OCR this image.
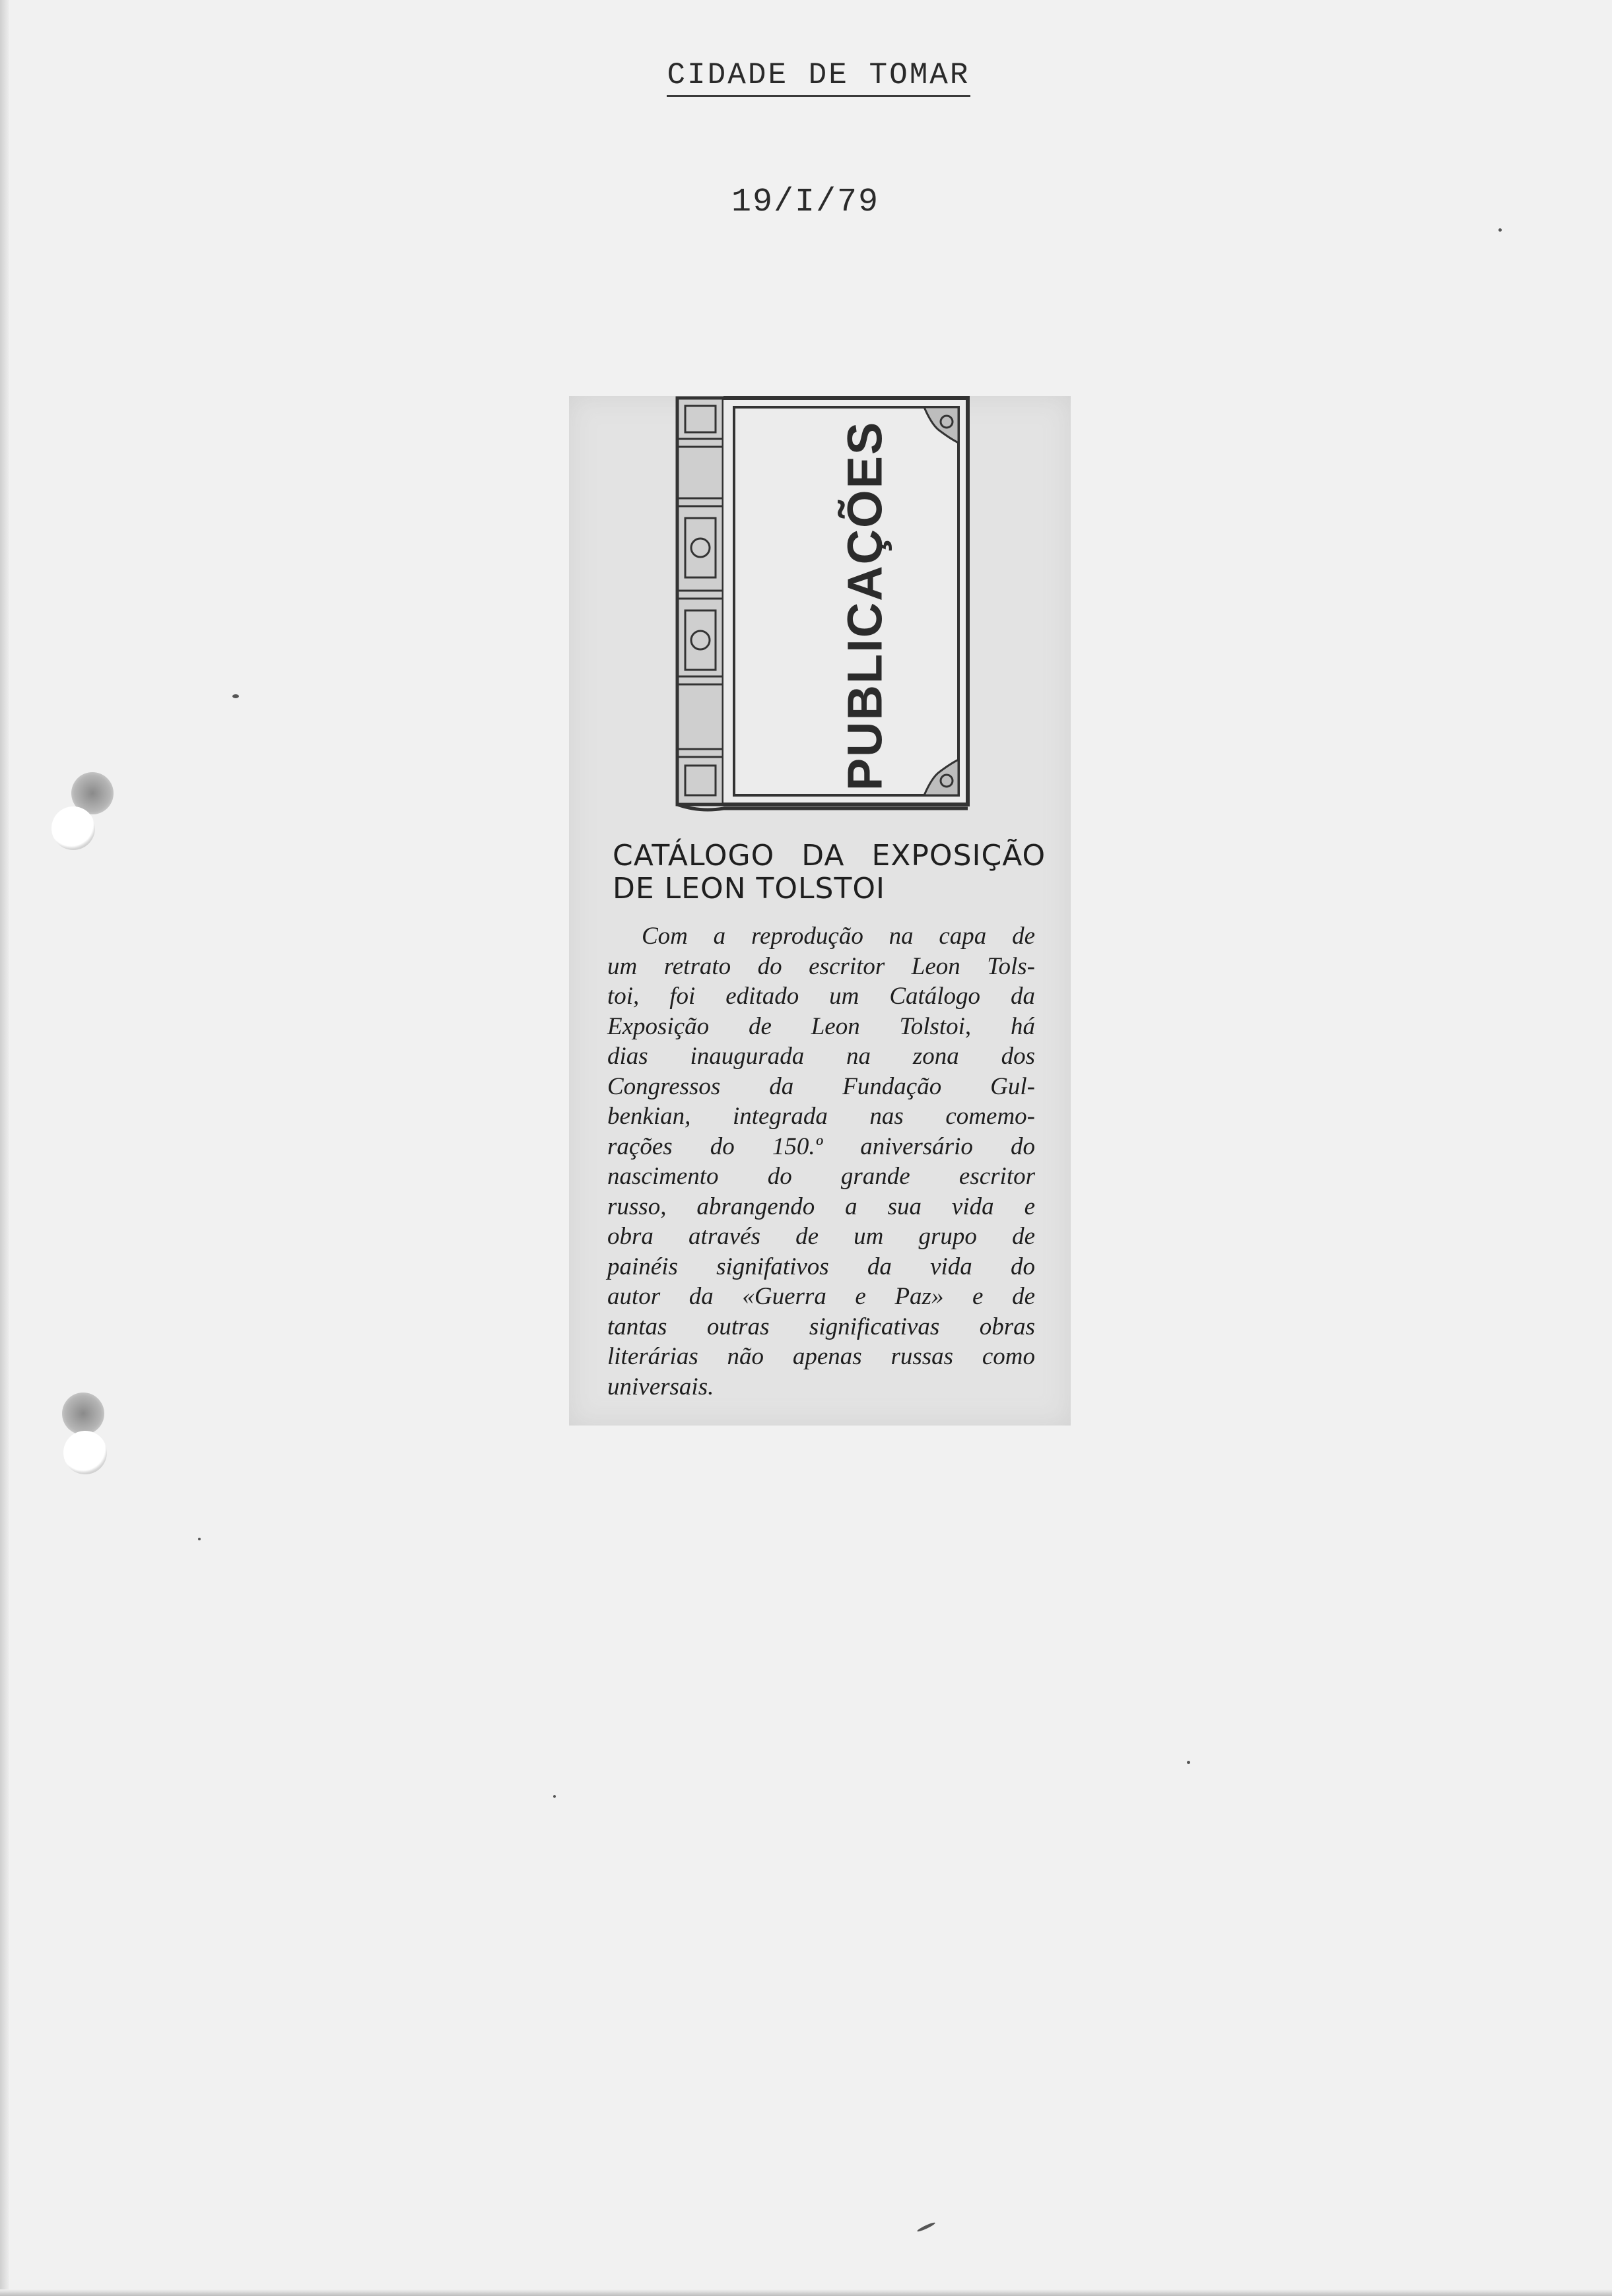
CIDADE DE TOMAR
19/I/79
PUBLICAÇÕES
CATÁLOGO DA EXPOSIÇÃO
DE LEON TOLSTOI
Com a reprodução na capa de
um retrato do escritor Leon Tols-
toi, foi editado um Catálogo da
Exposição de Leon Tolstoi, há
dias inaugurada na zona dos
Congressos da Fundação Gul-
benkian, integrada nas comemo-
rações do 150.º aniversário do
nascimento do grande escritor
russo, abrangendo a sua vida e
obra através de um grupo de
painéis signifativos da vida do
autor da «Guerra e Paz» e de
tantas outras significativas obras
literárias não apenas russas como
universais.
